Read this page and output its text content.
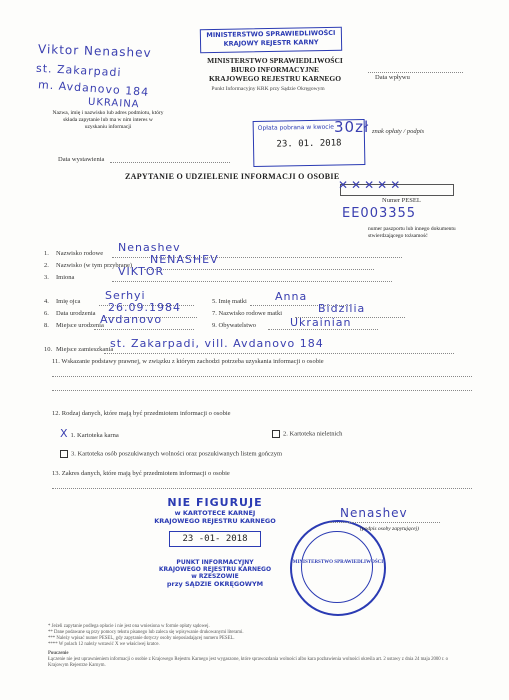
Viktor Nenashev
st. Zakarpadi
m. Avdanovo 184
UKRAINA
Nazwa, imię i nazwisko lub adres podmiotu, który składa zapytanie lub ma w nim interes w uzyskaniu informacji
MINISTERSTWO SPRAWIEDLIWOŚCI
KRAJOWY REJESTR KARNY
MINISTERSTWO SPRAWIEDLIWOŚCI
BIURO INFORMACYJNE
KRAJOWEGO REJESTRU KARNEGO
Punkt Informacyjny KRK przy Sądzie Okręgowym
Data wpływu
Opłata pobrana w kwocie
23. 01. 2018
30zł znak opłaty / podpis
Data wystawienia
ZAPYTANIE O UDZIELENIE INFORMACJI O OSOBIE
✕✕✕✕✕
Numer PESEL
EE003355
numer paszportu lub innego dokumentu stwierdzającego tożsamość
Nazwisko rodowe
1.	Nenashev
Nazwisko (w tym przybrane)
2.	NENASHEV
Imiona
3.	VIKTOR
Imię ojca
4.	Serhyi
Data urodzenia
6.	26.09.1984
Miejsce urodzenia
8.	Avdanovo
Miejsce zamieszkania
10.	st. Zakarpadi, vill. Avdanovo 184
5. Imię matki	Anna
7. Nazwisko rodowe matki	Bidzilia
9. Obywatelstwo	Ukrainian
11. Wskazanie podstawy prawnej, w związku z którym zachodzi potrzeba uzyskania informacji o osobie
12. Rodzaj danych, które mają być przedmiotem informacji o osobie
X 1. Kartoteka karna	2. Kartoteka nieletnich
3. Kartoteka osób poszukiwanych wolności oraz poszukiwanych listem gończym
13. Zakres danych, które mają być przedmiotem informacji o osobie
NIE FIGURUJE
w KARTOTECE KARNEJ
KRAJOWEGO REJESTRU KARNEGO
23 -01- 2018
PUNKT INFORMACYJNY
KRAJOWEGO REJESTRU KARNEGO
w RZESZOWIE
przy SĄDZIE OKRĘGOWYM
MINISTERSTWO SPRAWIEDLIWOŚCI
Nenashev
(podpis osoby zapytującej)
* Jeżeli zapytanie podlega opłacie i nie jest ona wniesiona w formie opłaty sądowej.
** Dane podawane są przy pomocy tekstu pisanego lub zaleca się wpisywanie drukowanymi literami.
*** Należy wpisać numer PESEL, gdy zapytanie dotyczy osoby nieposiadającej numeru PESEL.
**** W polach 12 należy wstawić X we właściwej kratce.
Pouczenie
Łączenie nie jest uprawnieniem informacji o osobie z Krajowego Rejestru Karnego jest wygaszone, które sprawozdania wolności albo kara pozbawienia wolności określa art. 2 ustawy z dnia 24 maja 2000 r. o Krajowym Rejestrze Karnym.
